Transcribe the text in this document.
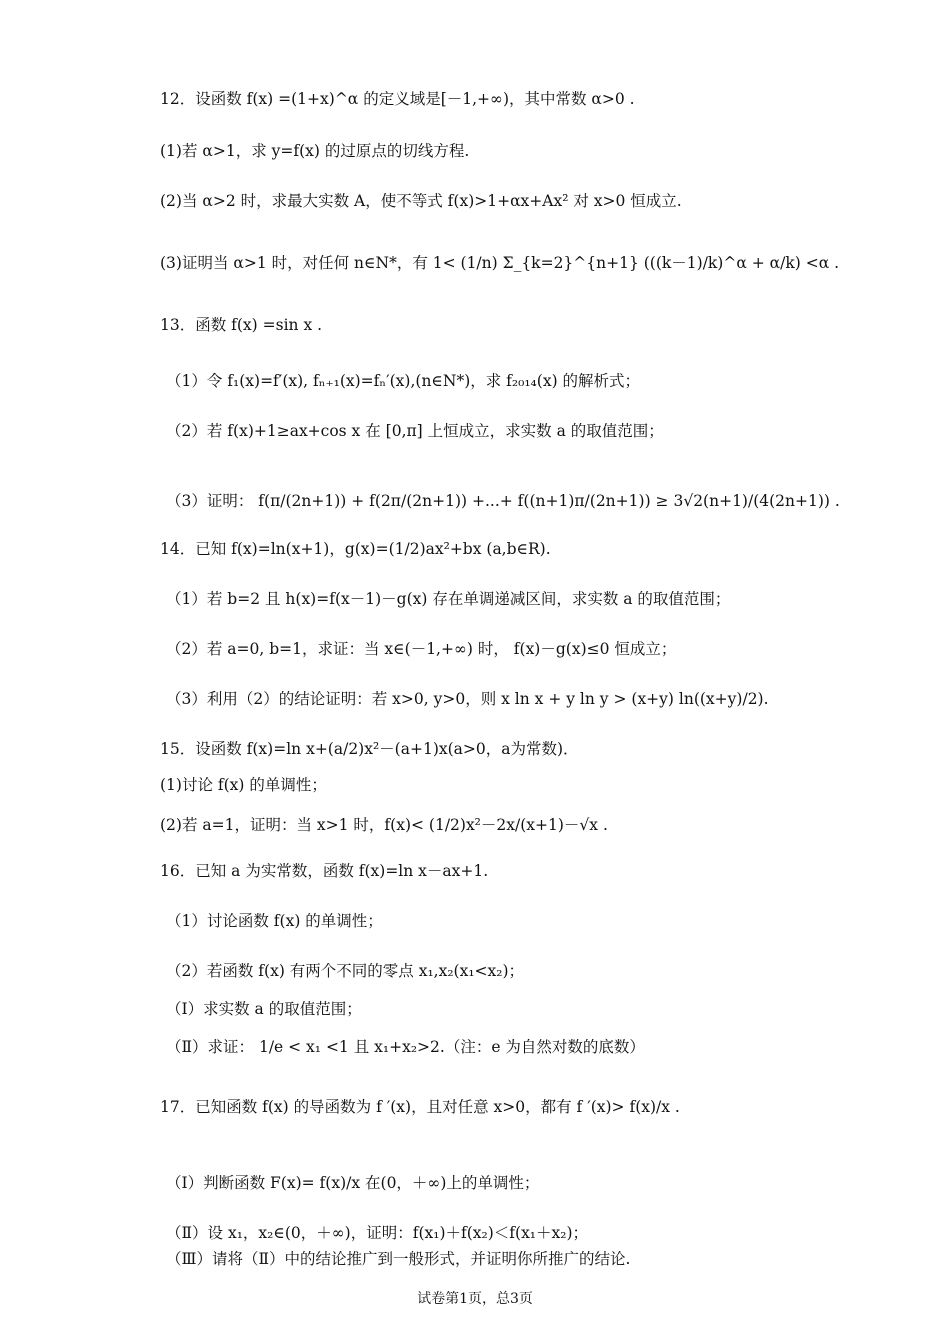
12．设函数 f(x) =(1+x)^α 的定义域是[－1,+∞)，其中常数 α>0 .
(1)若 α>1，求 y=f(x) 的过原点的切线方程.
(2)当 α>2 时，求最大实数 A，使不等式 f(x)>1+αx+Ax² 对 x>0 恒成立.
(3)证明当 α>1 时，对任何 n∈N*，有 1< (1/n) Σ_{k=2}^{n+1} (((k－1)/k)^α + α/k) <α .
13．函数 f(x) =sin x .
（1）令 f₁(x)=f′(x), fₙ₊₁(x)=fₙ′(x),(n∈N*)，求 f₂₀₁₄(x) 的解析式；
（2）若 f(x)+1≥ax+cos x 在 [0,π] 上恒成立，求实数 a 的取值范围；
（3）证明： f(π/(2n+1)) + f(2π/(2n+1)) +...+ f((n+1)π/(2n+1)) ≥ 3√2(n+1)/(4(2n+1)) .
14．已知 f(x)=ln(x+1)，g(x)=(1/2)ax²+bx (a,b∈R).
（1）若 b=2 且 h(x)=f(x－1)－g(x) 存在单调递减区间，求实数 a 的取值范围；
（2）若 a=0, b=1，求证：当 x∈(－1,+∞) 时， f(x)－g(x)≤0 恒成立；
（3）利用（2）的结论证明：若 x>0, y>0，则 x ln x + y ln y > (x+y) ln((x+y)/2).
15．设函数 f(x)=ln x+(a/2)x²－(a+1)x(a>0，a为常数)．
(1)讨论 f(x) 的单调性；
(2)若 a=1，证明：当 x>1 时，f(x)< (1/2)x²－2x/(x+1)－√x .
16．已知 a 为实常数，函数 f(x)=ln x－ax+1.
（1）讨论函数 f(x) 的单调性；
（2）若函数 f(x) 有两个不同的零点 x₁,x₂(x₁<x₂)；
（Ⅰ）求实数 a 的取值范围；
（Ⅱ）求证： 1/e < x₁ <1 且 x₁+x₂>2.（注：e 为自然对数的底数）
17．已知函数 f(x) 的导函数为 f ′(x)，且对任意 x>0，都有 f ′(x)> f(x)/x .
（Ⅰ）判断函数 F(x)= f(x)/x 在(0，＋∞)上的单调性；
（Ⅱ）设 x₁，x₂∈(0，＋∞)，证明：f(x₁)＋f(x₂)＜f(x₁＋x₂)；
（Ⅲ）请将（Ⅱ）中的结论推广到一般形式，并证明你所推广的结论.
试卷第1页，总3页
